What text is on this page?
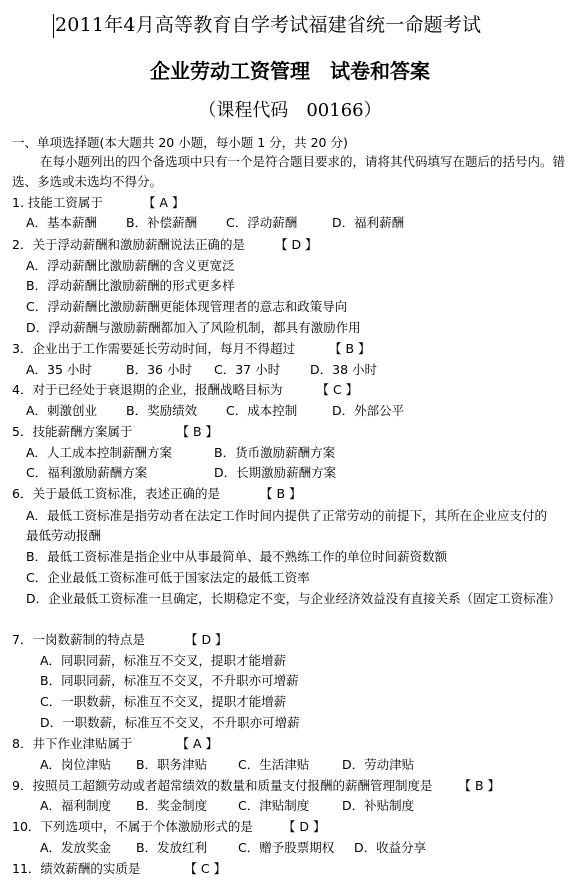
2011年4月高等教育自学考试福建省统一命题考试
企业劳动工资管理　试卷和答案
（课程代码　00166）
一、单项选择题(本大题共 20 小题，每小题 1 分，共 20 分)
在每小题列出的四个备选项中只有一个是符合题目要求的，请将其代码填写在题后的括号内。错选、多选或未选均不得分。
1. 技能工资属于	【 A 】
A．基本薪酬 B．补偿薪酬 C．浮动薪酬	D．福利薪酬
2．关于浮动薪酬和激励薪酬说法正确的是 【 D 】
A．浮动薪酬比激励薪酬的含义更宽泛
B．浮动薪酬比激励薪酬的形式更多样
C．浮动薪酬比激励薪酬更能体现管理者的意志和政策导向
D．浮动薪酬与激励薪酬都加入了风险机制，都具有激励作用
3．企业出于工作需要延长劳动时间，每月不得超过	【 B 】
A．35 小时	B．36 小时 C．37 小时 D．38 小时
4．对于已经处于衰退期的企业，报酬战略目标为	【 C 】
A．刺激创业 B．奖励绩效 C．成本控制	D．外部公平
5．技能薪酬方案属于	【 B 】
A．人工成本控制薪酬方案	B．货币激励薪酬方案
C．福利激励薪酬方案	D．长期激励薪酬方案
6．关于最低工资标准，表述正确的是	【 B 】
A．最低工资标准是指劳动者在法定工作时间内提供了正常劳动的前提下，其所在企业应支付的最低劳动报酬
B．最低工资标准是指企业中从事最简单、最不熟练工作的单位时间薪资数额
C．企业最低工资标准可低于国家法定的最低工资率
D．企业最低工资标准一旦确定，长期稳定不变，与企业经济效益没有直接关系（固定工资标准）
7．一岗数薪制的特点是	【 D 】
A．同职同薪，标准互不交叉，提职才能增薪
B．同职同薪，标准互不交叉，不升职亦可增薪
C．一职数薪，标准互不交叉，提职才能增薪
D．一职数薪，标准互不交叉，不升职亦可增薪
8．井下作业津贴属于	【 A 】
A．岗位津贴 B．职务津贴 C．生活津贴	D．劳动津贴
9．按照员工超额劳动或者超常绩效的数量和质量支付报酬的薪酬管理制度是 【 B 】
A．福利制度 B．奖金制度 C．津贴制度	D．补贴制度
10．下列选项中，不属于个体激励形式的是 【 D 】
A．发放奖金 B．发放红利 C．赠予股票期权 D．收益分享
11．绩效薪酬的实质是	【 C 】
